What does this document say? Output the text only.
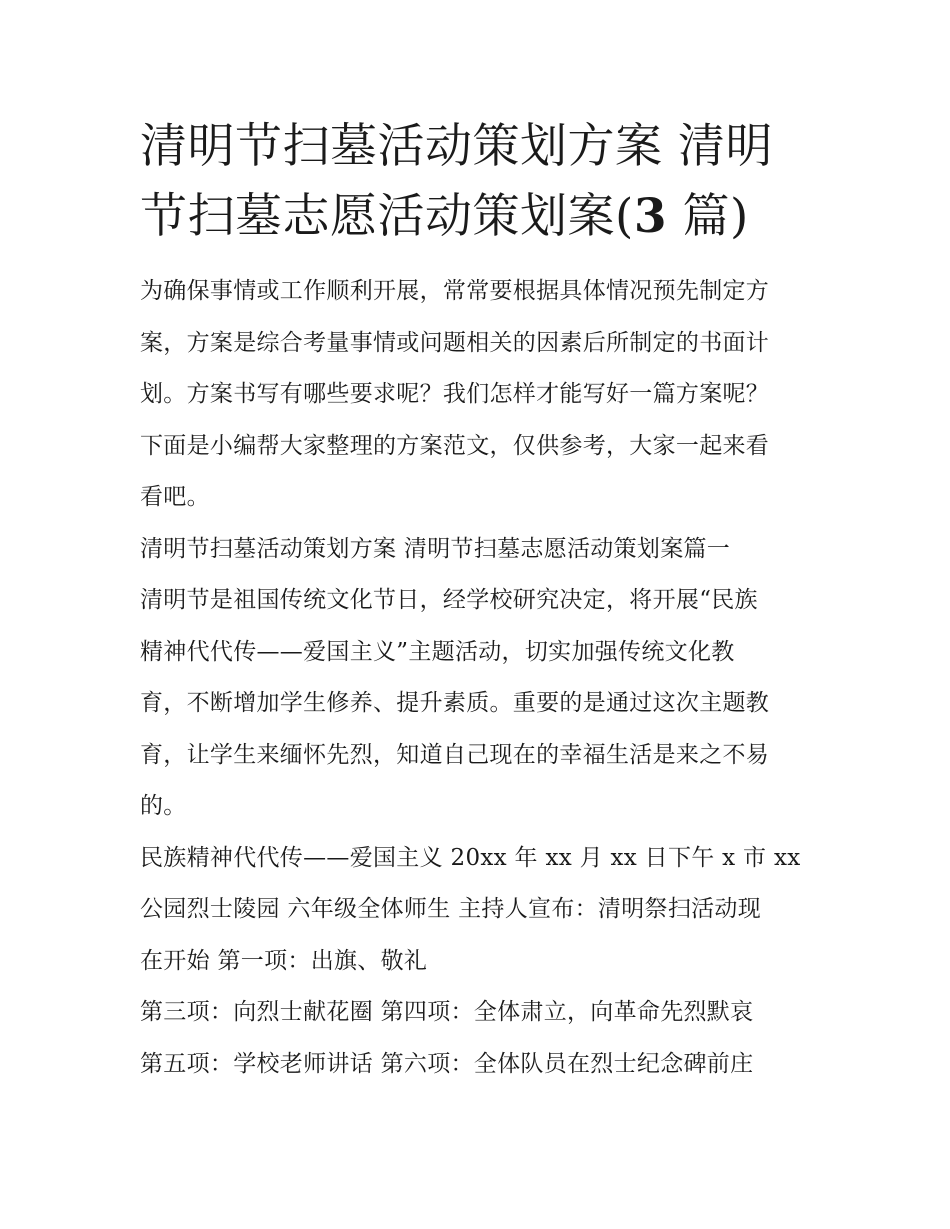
清明节扫墓活动策划方案 清明
节扫墓志愿活动策划案(3 篇)

为确保事情或工作顺利开展，常常要根据具体情况预先制定方
案，方案是综合考量事情或问题相关的因素后所制定的书面计
划。方案书写有哪些要求呢？我们怎样才能写好一篇方案呢？
下面是小编帮大家整理的方案范文，仅供参考，大家一起来看
看吧。

清明节扫墓活动策划方案 清明节扫墓志愿活动策划案篇一

清明节是祖国传统文化节日，经学校研究决定，将开展“民族
精神代代传——爱国主义”主题活动，切实加强传统文化教
育，不断增加学生修养、提升素质。重要的是通过这次主题教
育，让学生来缅怀先烈，知道自己现在的幸福生活是来之不易
的。

民族精神代代传——爱国主义 20xx 年 xx 月 xx 日下午 x 市 xx
公园烈士陵园 六年级全体师生 主持人宣布：清明祭扫活动现
在开始 第一项：出旗、敬礼

第三项：向烈士献花圈 第四项：全体肃立，向革命先烈默哀
第五项：学校老师讲话 第六项：全体队员在烈士纪念碑前庄
